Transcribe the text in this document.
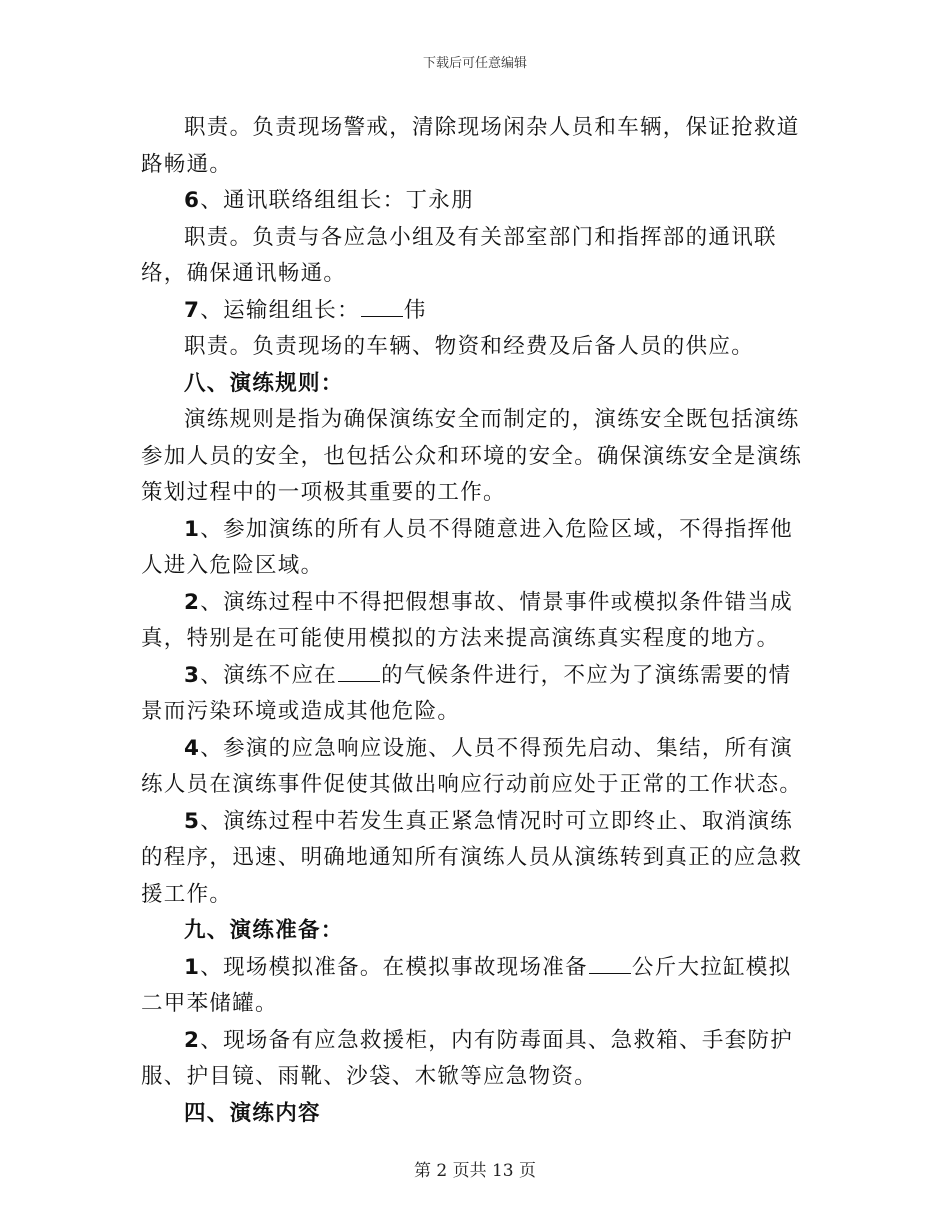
下载后可任意编辑

职责。负责现场警戒，清除现场闲杂人员和车辆，保证抢救道路畅通。

6、通讯联络组组长：丁永朋

职责。负责与各应急小组及有关部室部门和指挥部的通讯联络，确保通讯畅通。

7、运输组组长： 伟

职责。负责现场的车辆、物资和经费及后备人员的供应。

八、演练规则：

演练规则是指为确保演练安全而制定的，演练安全既包括演练参加人员的安全，也包括公众和环境的安全。确保演练安全是演练策划过程中的一项极其重要的工作。

1、参加演练的所有人员不得随意进入危险区域，不得指挥他人进入危险区域。

2、演练过程中不得把假想事故、情景事件或模拟条件错当成真，特别是在可能使用模拟的方法来提高演练真实程度的地方。

3、演练不应在 的气候条件进行，不应为了演练需要的情景而污染环境或造成其他危险。

4、参演的应急响应设施、人员不得预先启动、集结，所有演练人员在演练事件促使其做出响应行动前应处于正常的工作状态。

5、演练过程中若发生真正紧急情况时可立即终止、取消演练的程序，迅速、明确地通知所有演练人员从演练转到真正的应急救援工作。

九、演练准备：

1、现场模拟准备。在模拟事故现场准备 公斤大拉缸模拟二甲苯储罐。

2、现场备有应急救援柜，内有防毒面具、急救箱、手套防护服、护目镜、雨靴、沙袋、木锨等应急物资。

四、演练内容

第 2 页共 13 页
